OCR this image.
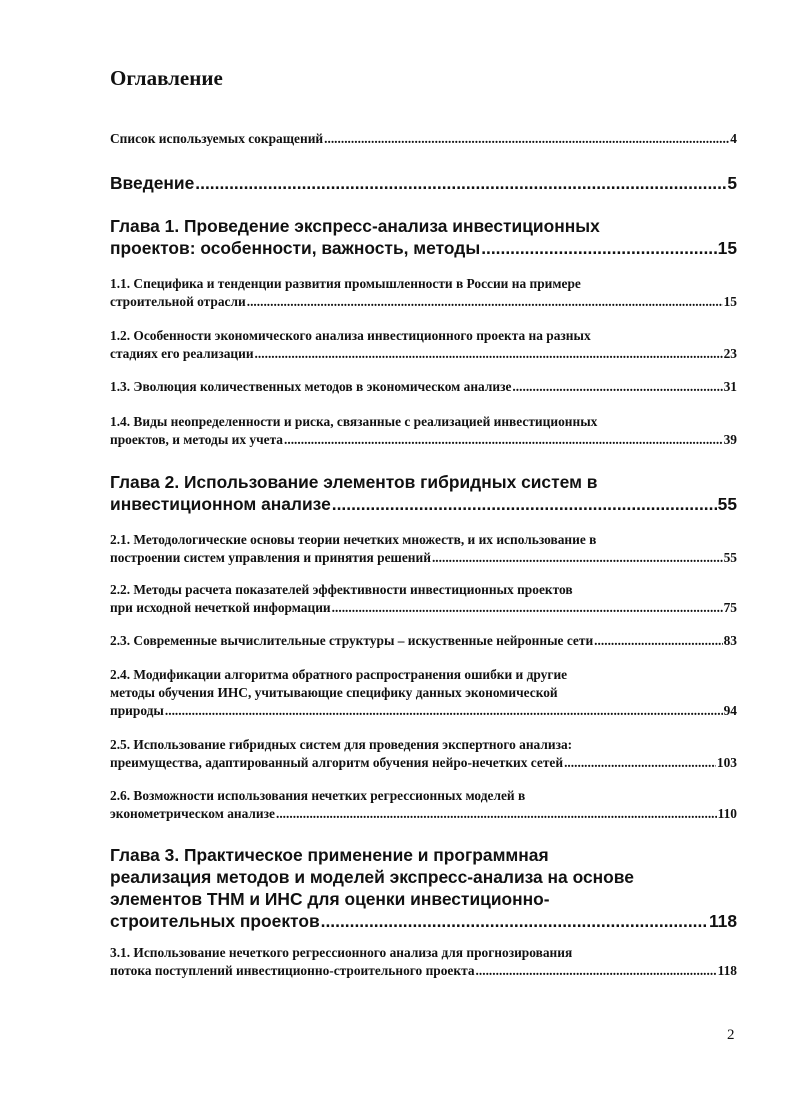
Оглавление
Список используемых сокращений .....	4
Введение .....	5
Глава 1. Проведение экспресс-анализа инвестиционных
проектов: особенности, важность, методы .....	15
1.1. Специфика и тенденции развития промышленности в России на примере
строительной отрасли .....	15
1.2. Особенности экономического анализа инвестиционного проекта на разных
стадиях его реализации .....	23
1.3. Эволюция количественных методов в экономическом анализе .....	31
1.4. Виды неопределенности и риска, связанные с реализацией инвестиционных
проектов, и методы их учета .....	39
Глава 2. Использование элементов гибридных систем в
инвестиционном анализе .....	55
2.1. Методологические основы теории нечетких множеств, и их использование в
построении систем управления и принятия решений .....	55
2.2. Методы расчета показателей эффективности инвестиционных проектов
при исходной нечеткой информации .....	75
2.3. Современные вычислительные структуры – искуственные нейронные сети .....	83
2.4. Модификации алгоритма обратного распространения ошибки и другие
методы обучения ИНС, учитывающие специфику данных экономической
природы .....	94
2.5. Использование гибридных систем для проведения экспертного анализа:
преимущества, адаптированный алгоритм обучения нейро-нечетких сетей .....	103
2.6. Возможности использования нечетких регрессионных моделей в
эконометрическом анализе .....	110
Глава 3. Практическое применение и программная
реализация методов и моделей экспресс-анализа на основе
элементов ТНМ и ИНС для оценки инвестиционно-
строительных проектов .....	118
3.1. Использование нечеткого регрессионного анализа для прогнозирования
потока поступлений инвестиционно-строительного проекта .....	118
2
